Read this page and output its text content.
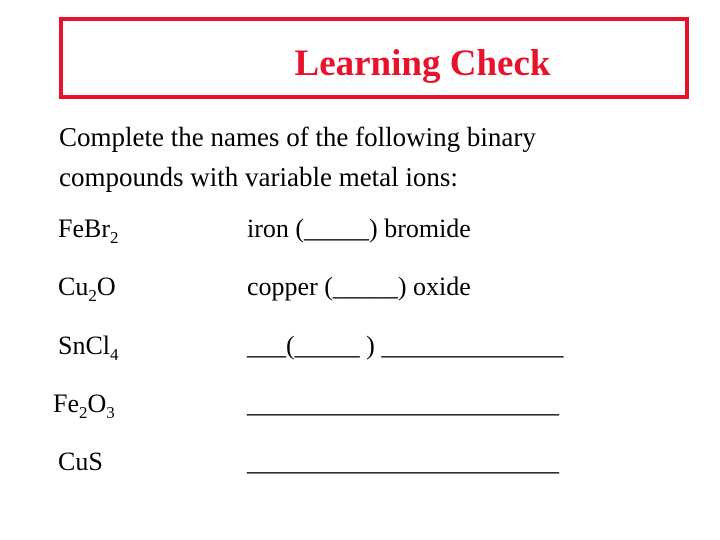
Learning Check
Complete the names of the following binary
compounds with variable metal ions:
FeBr$_2$	iron (_____) bromide
$Cu_2O$	copper (_____) oxide
SnCl$_4$	___(_____ ) ______________
$Fe_2O_3$	________________________
CuS	________________________
